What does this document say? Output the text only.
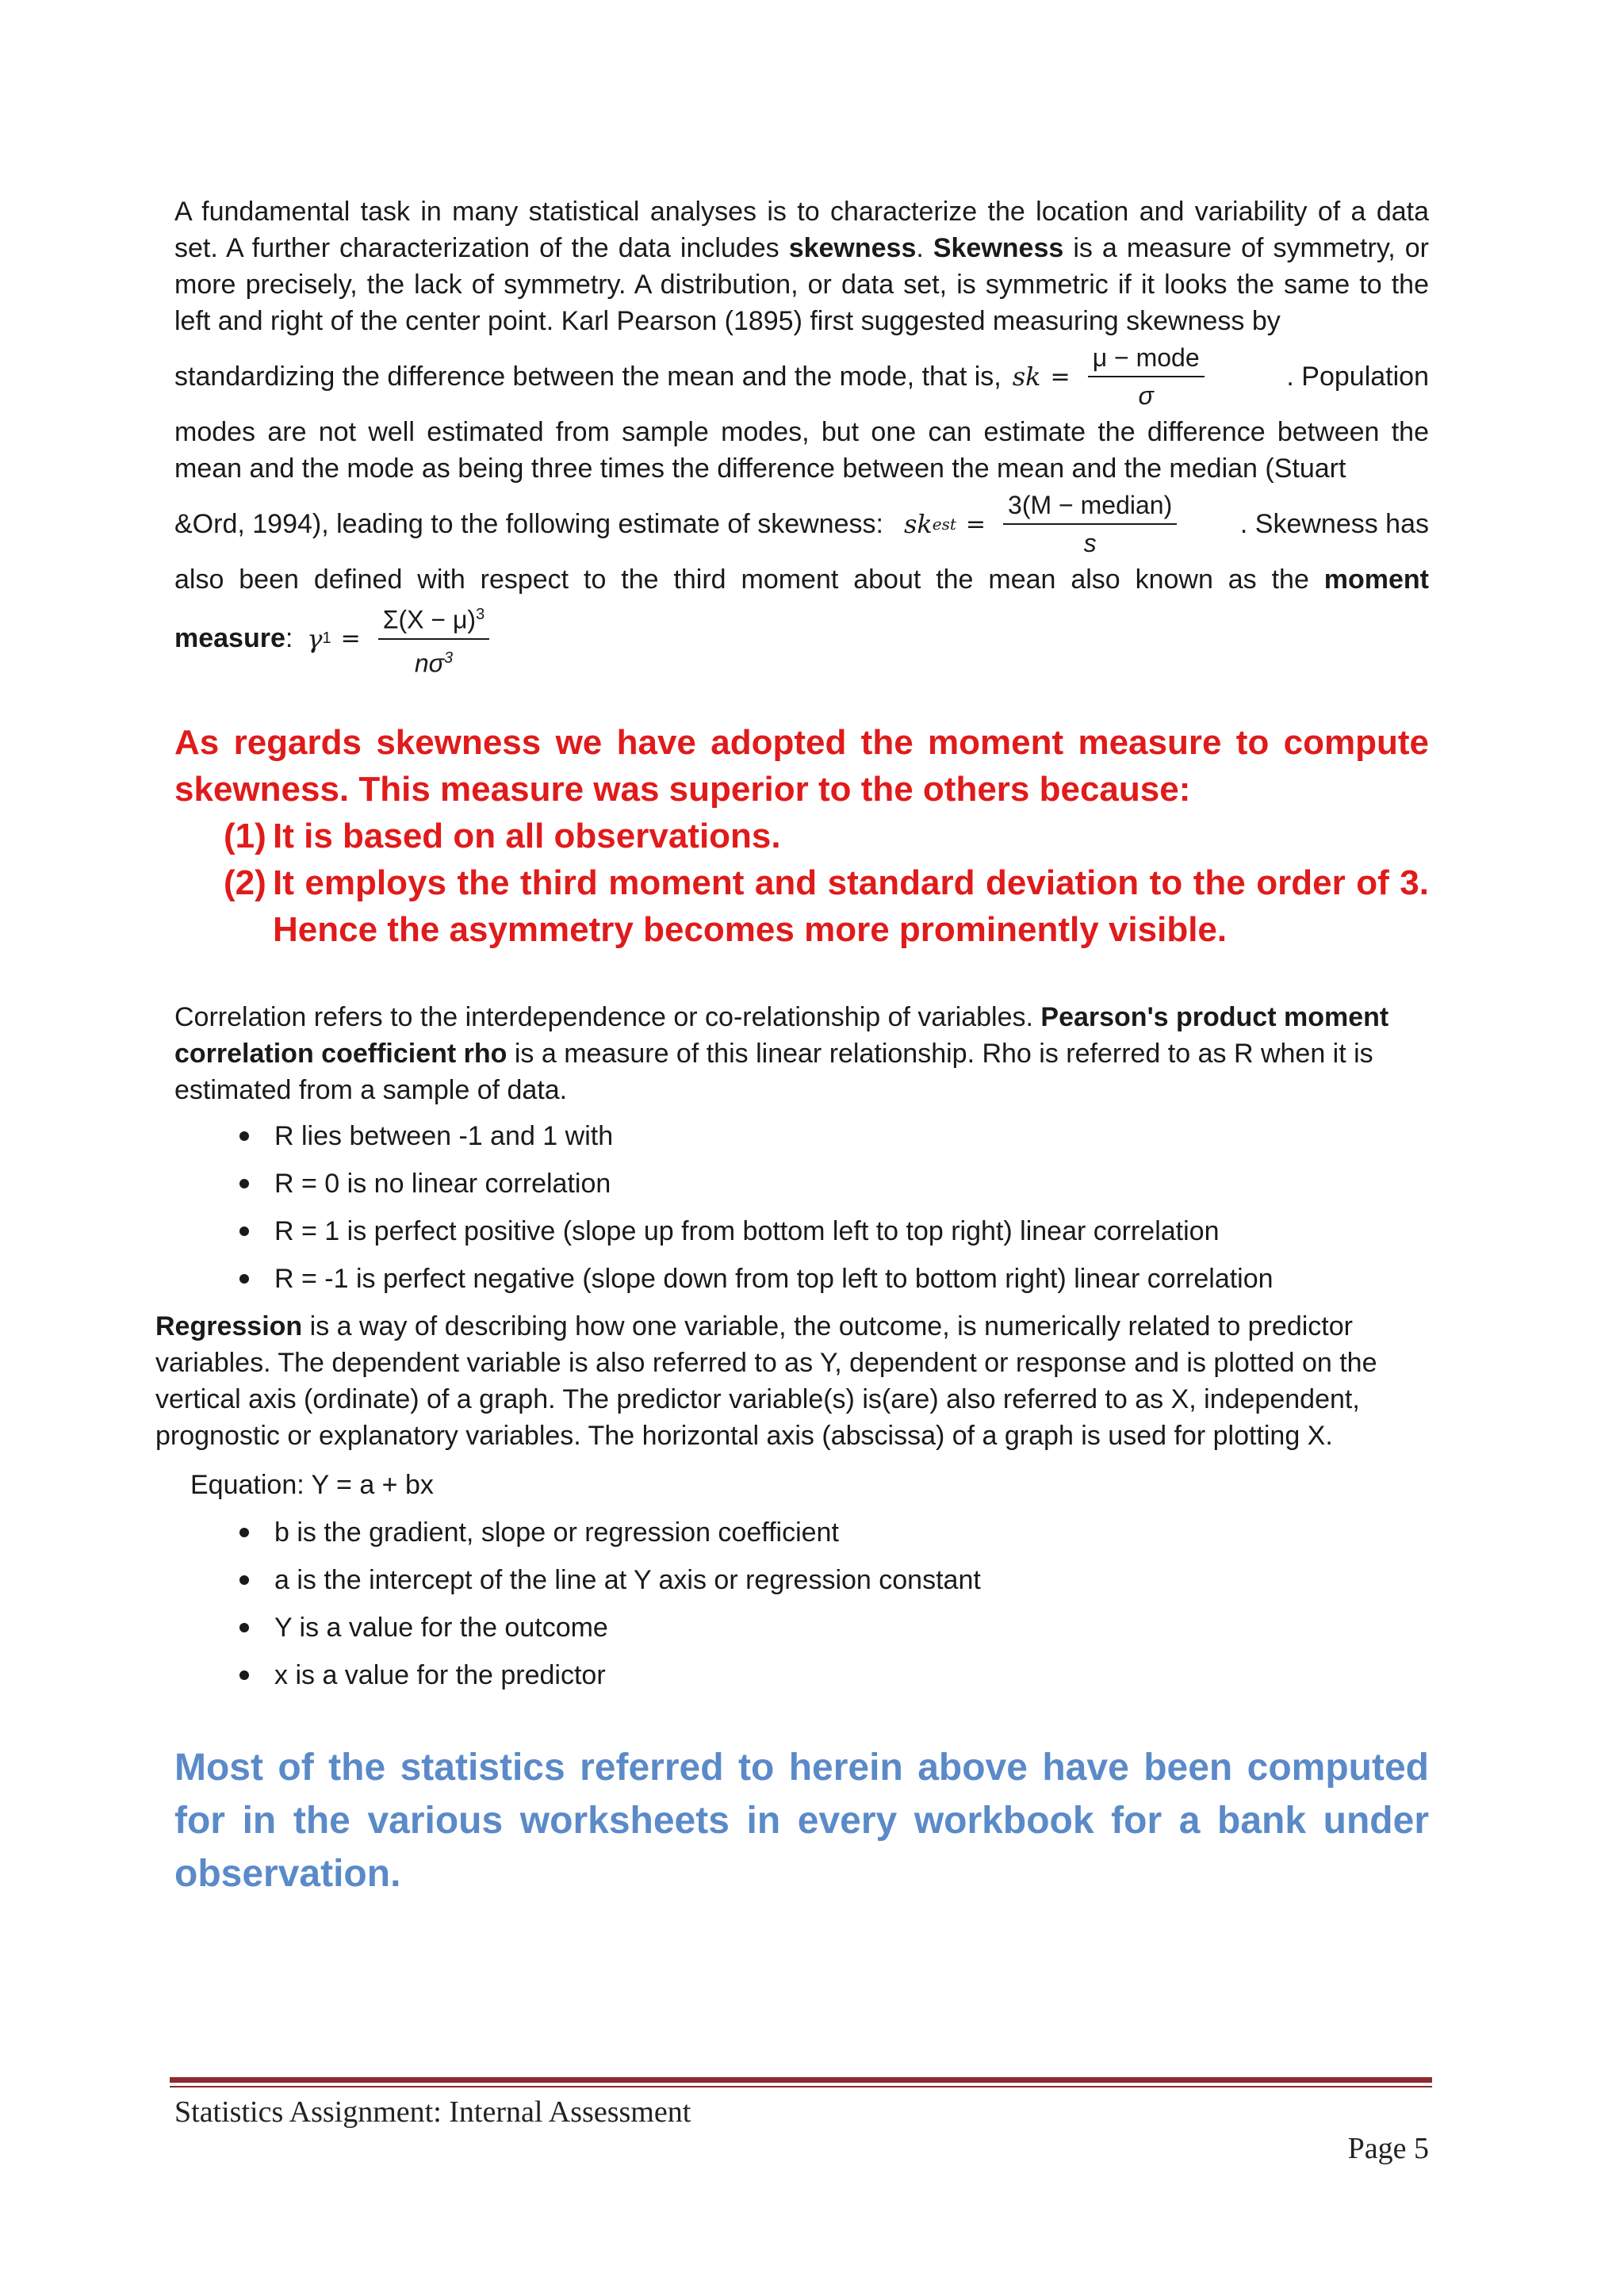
A fundamental task in many statistical analyses is to characterize the location and variability of a data set. A further characterization of the data includes skewness. Skewness is a measure of symmetry, or more precisely, the lack of symmetry. A distribution, or data set, is symmetric if it looks the same to the left and right of the center point. Karl Pearson (1895) first suggested measuring skewness by

standardizing the difference between the mean and the mode, that is, sk = $\frac{\text{μ − mode}}{\sigma}$	. Population

modes are not well estimated from sample modes, but one can estimate the difference between the mean and the mode as being three times the difference between the mean and the median (Stuart

&Ord, 1994), leading to the following estimate of skewness: sk est = $\frac{\text{3(M − median)}}{s}$ . Skewness has

also been defined with respect to the third moment about the mean also known as the moment

measure : γ $1 = \frac{\Sigma(X - \mu)^3}{n\sigma^3}$

As regards skewness we have adopted the moment measure to compute skewness. This measure was superior to the others because:

(1) It is based on all observations.
(2) It employs the third moment and standard deviation to the order of 3. Hence the asymmetry becomes more prominently visible.

Correlation refers to the interdependence or co-relationship of variables. Pearson's product moment correlation coefficient rho is a measure of this linear relationship. Rho is referred to as R when it is estimated from a sample of data.

R lies between -1 and 1 with
R = 0 is no linear correlation
R = 1 is perfect positive (slope up from bottom left to top right) linear correlation
R = -1 is perfect negative (slope down from top left to bottom right) linear correlation

Regression is a way of describing how one variable, the outcome, is numerically related to predictor variables. The dependent variable is also referred to as Y, dependent or response and is plotted on the vertical axis (ordinate) of a graph. The predictor variable(s) is(are) also referred to as X, independent, prognostic or explanatory variables. The horizontal axis (abscissa) of a graph is used for plotting X.

Equation: Y = a + bx
b is the gradient, slope or regression coefficient
a is the intercept of the line at Y axis or regression constant
Y is a value for the outcome
x is a value for the predictor

Most of the statistics referred to herein above have been computed for in the various worksheets in every workbook for a bank under observation.

Statistics Assignment: Internal Assessment
Page 5
